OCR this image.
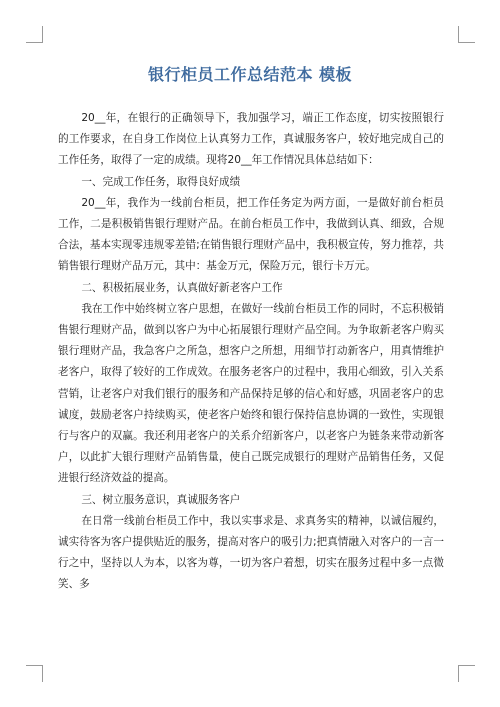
银行柜员工作总结范本 模板

20__年，在银行的正确领导下，我加强学习，端正工作态度，切实按照银行的工作要求，在自身工作岗位上认真努力工作，真诚服务客户，较好地完成自己的工作任务，取得了一定的成绩。现将20__年工作情况具体总结如下：

一、完成工作任务，取得良好成绩

20__年，我作为一线前台柜员，把工作任务定为两方面，一是做好前台柜员工作，二是积极销售银行理财产品。在前台柜员工作中，我做到认真、细致，合规合法，基本实现零违规零差错;在销售银行理财产品中，我积极宣传，努力推荐，共销售银行理财产品万元，其中：基金万元，保险万元，银行卡万元。

二、积极拓展业务，认真做好新老客户工作

我在工作中始终树立客户思想，在做好一线前台柜员工作的同时，不忘积极销售银行理财产品，做到以客户为中心拓展银行理财产品空间。为争取新老客户购买银行理财产品，我急客户之所急，想客户之所想，用细节打动新客户，用真情维护老客户，取得了较好的工作成效。在服务老客户的过程中，我用心细致，引入关系营销，让老客户对我们银行的服务和产品保持足够的信心和好感，巩固老客户的忠诚度，鼓励老客户持续购买，使老客户始终和银行保持信息协调的一致性，实现银行与客户的双赢。我还利用老客户的关系介绍新客户，以老客户为链条来带动新客户，以此扩大银行理财产品销售量，使自己既完成银行的理财产品销售任务，又促进银行经济效益的提高。

三、树立服务意识，真诚服务客户

在日常一线前台柜员工作中，我以实事求是、求真务实的精神，以诚信履约，诚实待客为客户提供贴近的服务，提高对客户的吸引力;把真情融入对客户的一言一行之中，坚持以人为本，以客为尊，一切为客户着想，切实在服务过程中多一点微笑、多
